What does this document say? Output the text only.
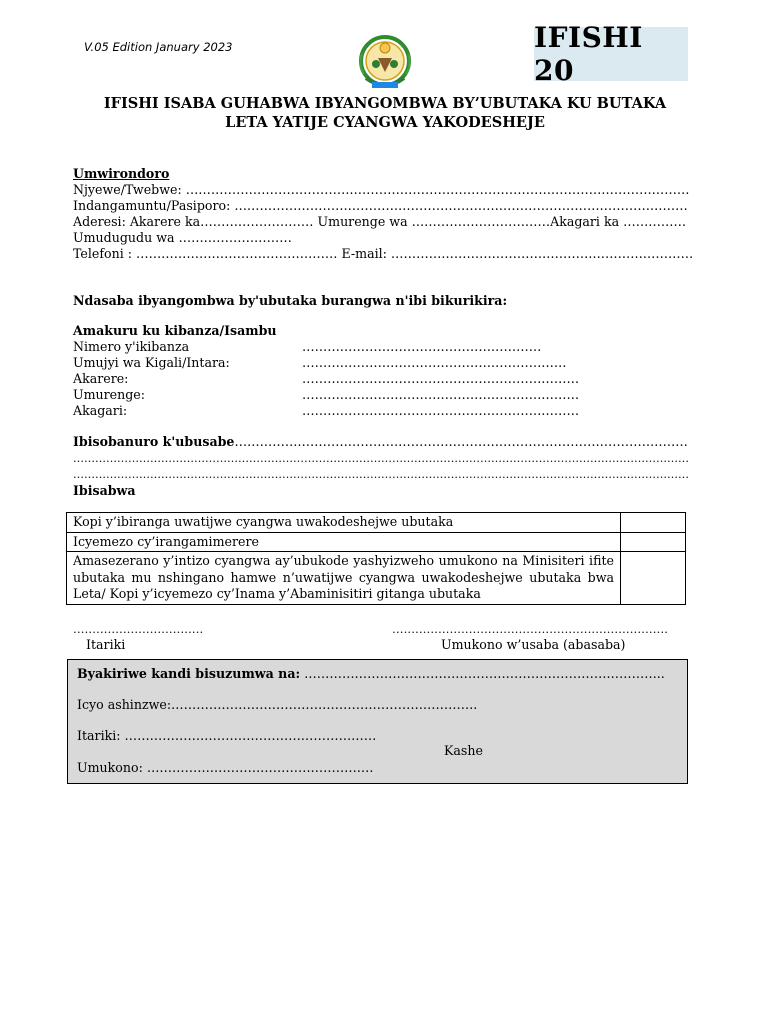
V.05 Edition January 2023	IFISHI 20
IFISHI ISABA GUHABWA IBYANGOMBWA BY’UBUTAKA KU BUTAKA
LETA YATIJE CYANGWA YAKODESHEJE
Umwirondoro
Njyewe/Twebwe: …………………………………………………………………………………………………………
Indangamuntu/Pasiporo: ………………………………………………………………………………………………
Aderesi: Akarere ka……………………… Umurenge wa ……………………………Akagari ka ……………
Umudugudu wa ………………………
Telefoni : ………………………………………… E-mail: ………………………………………………………………
Ndasaba ibyangombwa by'ubutaka burangwa n'ibi bikurikira:
Amakuru ku kibanza/Isambu
Nimero y'ikibanza	…………………………………………………
Umujyi wa Kigali/Intara:	………………………………………………………
Akarere:	…………………………………………………………
Umurenge:	…………………………………………………………
Akagari:	…………………………………………………………
Ibisobanuro k'ubusabe………………………………………………………………………………………………
……………………………………………………………………………………………………………………………………………………
……………………………………………………………………………………………………………………………………………………
Ibisabwa
Kopi y’ibiranga uwatijwe cyangwa uwakodeshejwe ubutaka	
Icyemezo cy’irangamimerere	
Amasezerano y’intizo cyangwa ay’ubukode yashyizweho umukono na Minisiteri ifite ubutaka mu nshingano hamwe n’uwatijwe cyangwa uwakodeshejwe ubutaka bwa Leta/ Kopi y’icyemezo cy’Inama y’Abaminisitiri gitanga ubutaka	
…………………………….
Itariki
………………………………………………………………
Umukono w’usaba (abasaba)
Byakiriwe kandi bisuzumwa na: …………………………………………………………………………..
Icyo ashinzwe:……………………………………………………………….
Itariki: ……………………………………………………
Kashe
Umukono: ………………………………………………
